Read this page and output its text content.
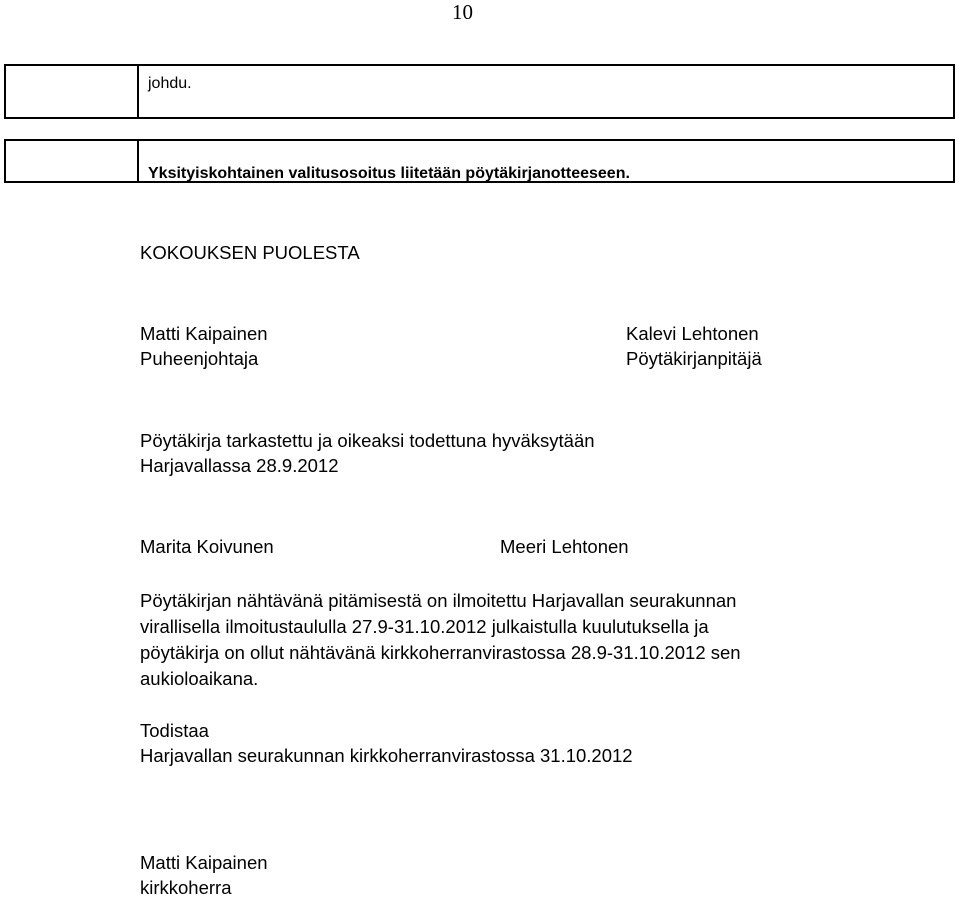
10
johdu.
Yksityiskohtainen valitusosoitus liitetään pöytäkirjanotteeseen.
KOKOUKSEN PUOLESTA
Matti Kaipainen
Puheenjohtaja
Kalevi Lehtonen
Pöytäkirjanpitäjä
Pöytäkirja tarkastettu ja oikeaksi todettuna hyväksytään
Harjavallassa 28.9.2012
Marita Koivunen	Meeri Lehtonen
Pöytäkirjan nähtävänä pitämisestä on ilmoitettu Harjavallan seurakunnan
virallisella ilmoitustaululla 27.9-31.10.2012 julkaistulla kuulutuksella ja
pöytäkirja on ollut nähtävänä kirkkoherranvirastossa 28.9-31.10.2012 sen
aukioloaikana.
Todistaa
Harjavallan seurakunnan kirkkoherranvirastossa 31.10.2012
Matti Kaipainen
kirkkoherra
